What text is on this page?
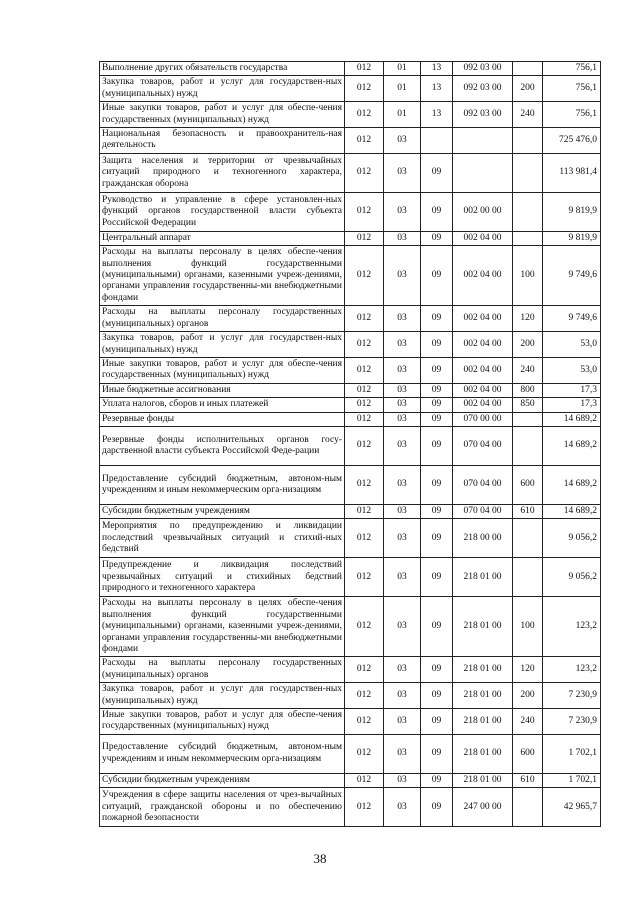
Выполнение других обязательств государства	012	01	13	092 03 00		756,1
Закупка товаров, работ и услуг для государствен-ных (муниципальных) нужд	012	01	13	092 03 00	200	756,1
Иные закупки товаров, работ и услуг для обеспе-чения государственных (муниципальных) нужд	012	01	13	092 03 00	240	756,1
Национальная безопасность и правоохранитель-ная деятельность	012	03				725 476,0
Защита населения и территории от чрезвычайных ситуаций природного и техногенного характера, гражданская оборона	012	03	09			113 981,4
Руководство и управление в сфере установлен-ных функций органов государственной власти субъекта Российской Федерации	012	03	09	002 00 00		9 819,9
Центральный аппарат	012	03	09	002 04 00		9 819,9
Расходы на выплаты персоналу в целях обеспе-чения выполнения функций государственными (муниципальными) органами, казенными учреж-дениями, органами управления государственны-ми внебюджетными фондами	012	03	09	002 04 00	100	9 749,6
Расходы на выплаты персоналу государственных (муниципальных) органов	012	03	09	002 04 00	120	9 749,6
Закупка товаров, работ и услуг для государствен-ных (муниципальных) нужд	012	03	09	002 04 00	200	53,0
Иные закупки товаров, работ и услуг для обеспе-чения государственных (муниципальных) нужд	012	03	09	002 04 00	240	53,0
Иные бюджетные ассигнования	012	03	09	002 04 00	800	17,3
Уплата налогов, сборов и иных платежей	012	03	09	002 04 00	850	17,3
Резервные фонды	012	03	09	070 00 00		14 689,2
Резервные фонды исполнительных органов госу-дарственной власти субъекта Российской Феде-рации	012	03	09	070 04 00		14 689,2
Предоставление субсидий бюджетным, автоном-ным учреждениям и иным некоммерческим орга-низациям	012	03	09	070 04 00	600	14 689,2
Субсидии бюджетным учреждениям	012	03	09	070 04 00	610	14 689,2
Мероприятия по предупреждению и ликвидации последствий чрезвычайных ситуаций и стихий-ных бедствий	012	03	09	218 00 00		9 056,2
Предупреждение и ликвидация последствий чрезвычайных ситуаций и стихийных бедствий природного и техногенного характера	012	03	09	218 01 00		9 056,2
Расходы на выплаты персоналу в целях обеспе-чения выполнения функций государственными (муниципальными) органами, казенными учреж-дениями, органами управления государственны-ми внебюджетными фондами	012	03	09	218 01 00	100	123,2
Расходы на выплаты персоналу государственных (муниципальных) органов	012	03	09	218 01 00	120	123,2
Закупка товаров, работ и услуг для государствен-ных (муниципальных) нужд	012	03	09	218 01 00	200	7 230,9
Иные закупки товаров, работ и услуг для обеспе-чения государственных (муниципальных) нужд	012	03	09	218 01 00	240	7 230,9
Предоставление субсидий бюджетным, автоном-ным учреждениям и иным некоммерческим орга-низациям	012	03	09	218 01 00	600	1 702,1
Субсидии бюджетным учреждениям	012	03	09	218 01 00	610	1 702,1
Учреждения в сфере защиты населения от чрез-вычайных ситуаций, гражданской обороны и по обеспечению пожарной безопасности	012	03	09	247 00 00		42 965,7
38
